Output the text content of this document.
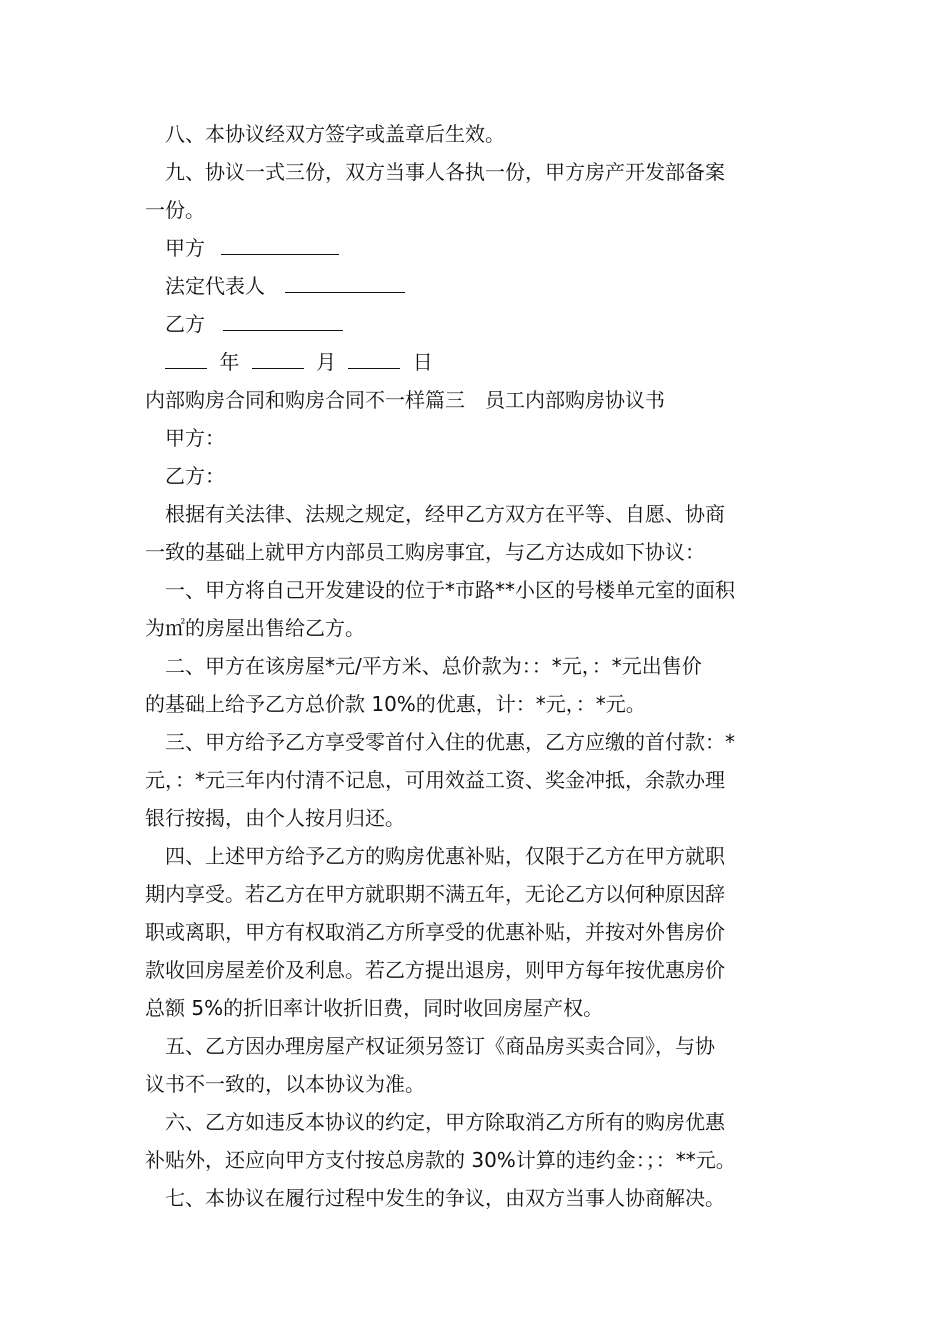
八、本协议经双方签字或盖章后生效。
九、协议一式三份，双方当事人各执一份，甲方房产开发部备案
一份。
甲方
法定代表人
乙方
年	月	日
内部购房合同和购房合同不一样篇三　员工内部购房协议书
甲方：
乙方：
根据有关法律、法规之规定，经甲乙方双方在平等、自愿、协商
一致的基础上就甲方内部员工购房事宜，与乙方达成如下协议：
一、甲方将自己开发建设的位于*市路**小区的号楼单元室的面积
为㎡的房屋出售给乙方。
二、甲方在该房屋*元/平方米、总价款为：：*元，：*元出售价
的基础上给予乙方总价款 10%的优惠，计：*元，：*元。
三、甲方给予乙方享受零首付入住的优惠，乙方应缴的首付款：*
元，：*元三年内付清不记息，可用效益工资、奖金冲抵，余款办理
银行按揭，由个人按月归还。
四、上述甲方给予乙方的购房优惠补贴，仅限于乙方在甲方就职
期内享受。若乙方在甲方就职期不满五年，无论乙方以何种原因辞
职或离职，甲方有权取消乙方所享受的优惠补贴，并按对外售房价
款收回房屋差价及利息。若乙方提出退房，则甲方每年按优惠房价
总额 5%的折旧率计收折旧费，同时收回房屋产权。
五、乙方因办理房屋产权证须另签订《商品房买卖合同》，与协
议书不一致的，以本协议为准。
六、乙方如违反本协议的约定，甲方除取消乙方所有的购房优惠
补贴外，还应向甲方支付按总房款的 30%计算的违约金：；：**元。
七、本协议在履行过程中发生的争议，由双方当事人协商解决。
